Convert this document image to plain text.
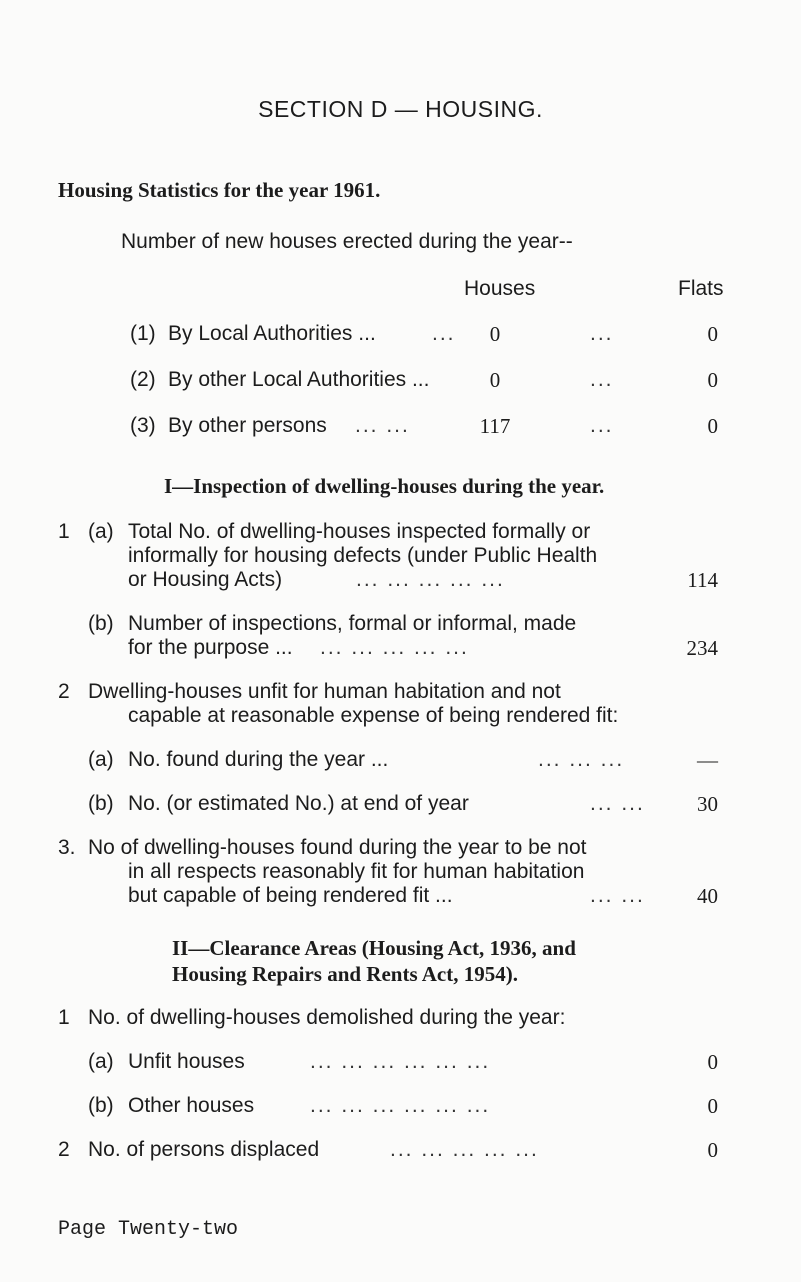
SECTION D — HOUSING.
Housing Statistics for the year 1961.
Number of new houses erected during the year--
Houses	Flats
(1) By Local Authorities ...	...	0	...	0
(2) By other Local Authorities ...	0	...	0
(3) By other persons ... ...	117	...	0
I—Inspection of dwelling-houses during the year.
1 (a) Total No. of dwelling-houses inspected formally or
informally for housing defects (under Public Health
or Housing Acts)	... ... ... ... ...	114
(b) Number of inspections, formal or informal, made
for the purpose ... ... ... ... ... ...	234
2 Dwelling-houses unfit for human habitation and not
capable at reasonable expense of being rendered fit:
(a) No. found during the year ...	... ... ...	—
(b) No. (or estimated No.) at end of year	... ...	30
3. No of dwelling-houses found during the year to be not
in all respects reasonably fit for human habitation
but capable of being rendered fit ...	... ...	40
II—Clearance Areas (Housing Act, 1936, and
Housing Repairs and Rents Act, 1954).
1 No. of dwelling-houses demolished during the year:
(a) Unfit houses	... ... ... ... ... ...	0
(b) Other houses	... ... ... ... ... ...	0
2 No. of persons displaced	... ... ... ... ...	0
Page Twenty-two
